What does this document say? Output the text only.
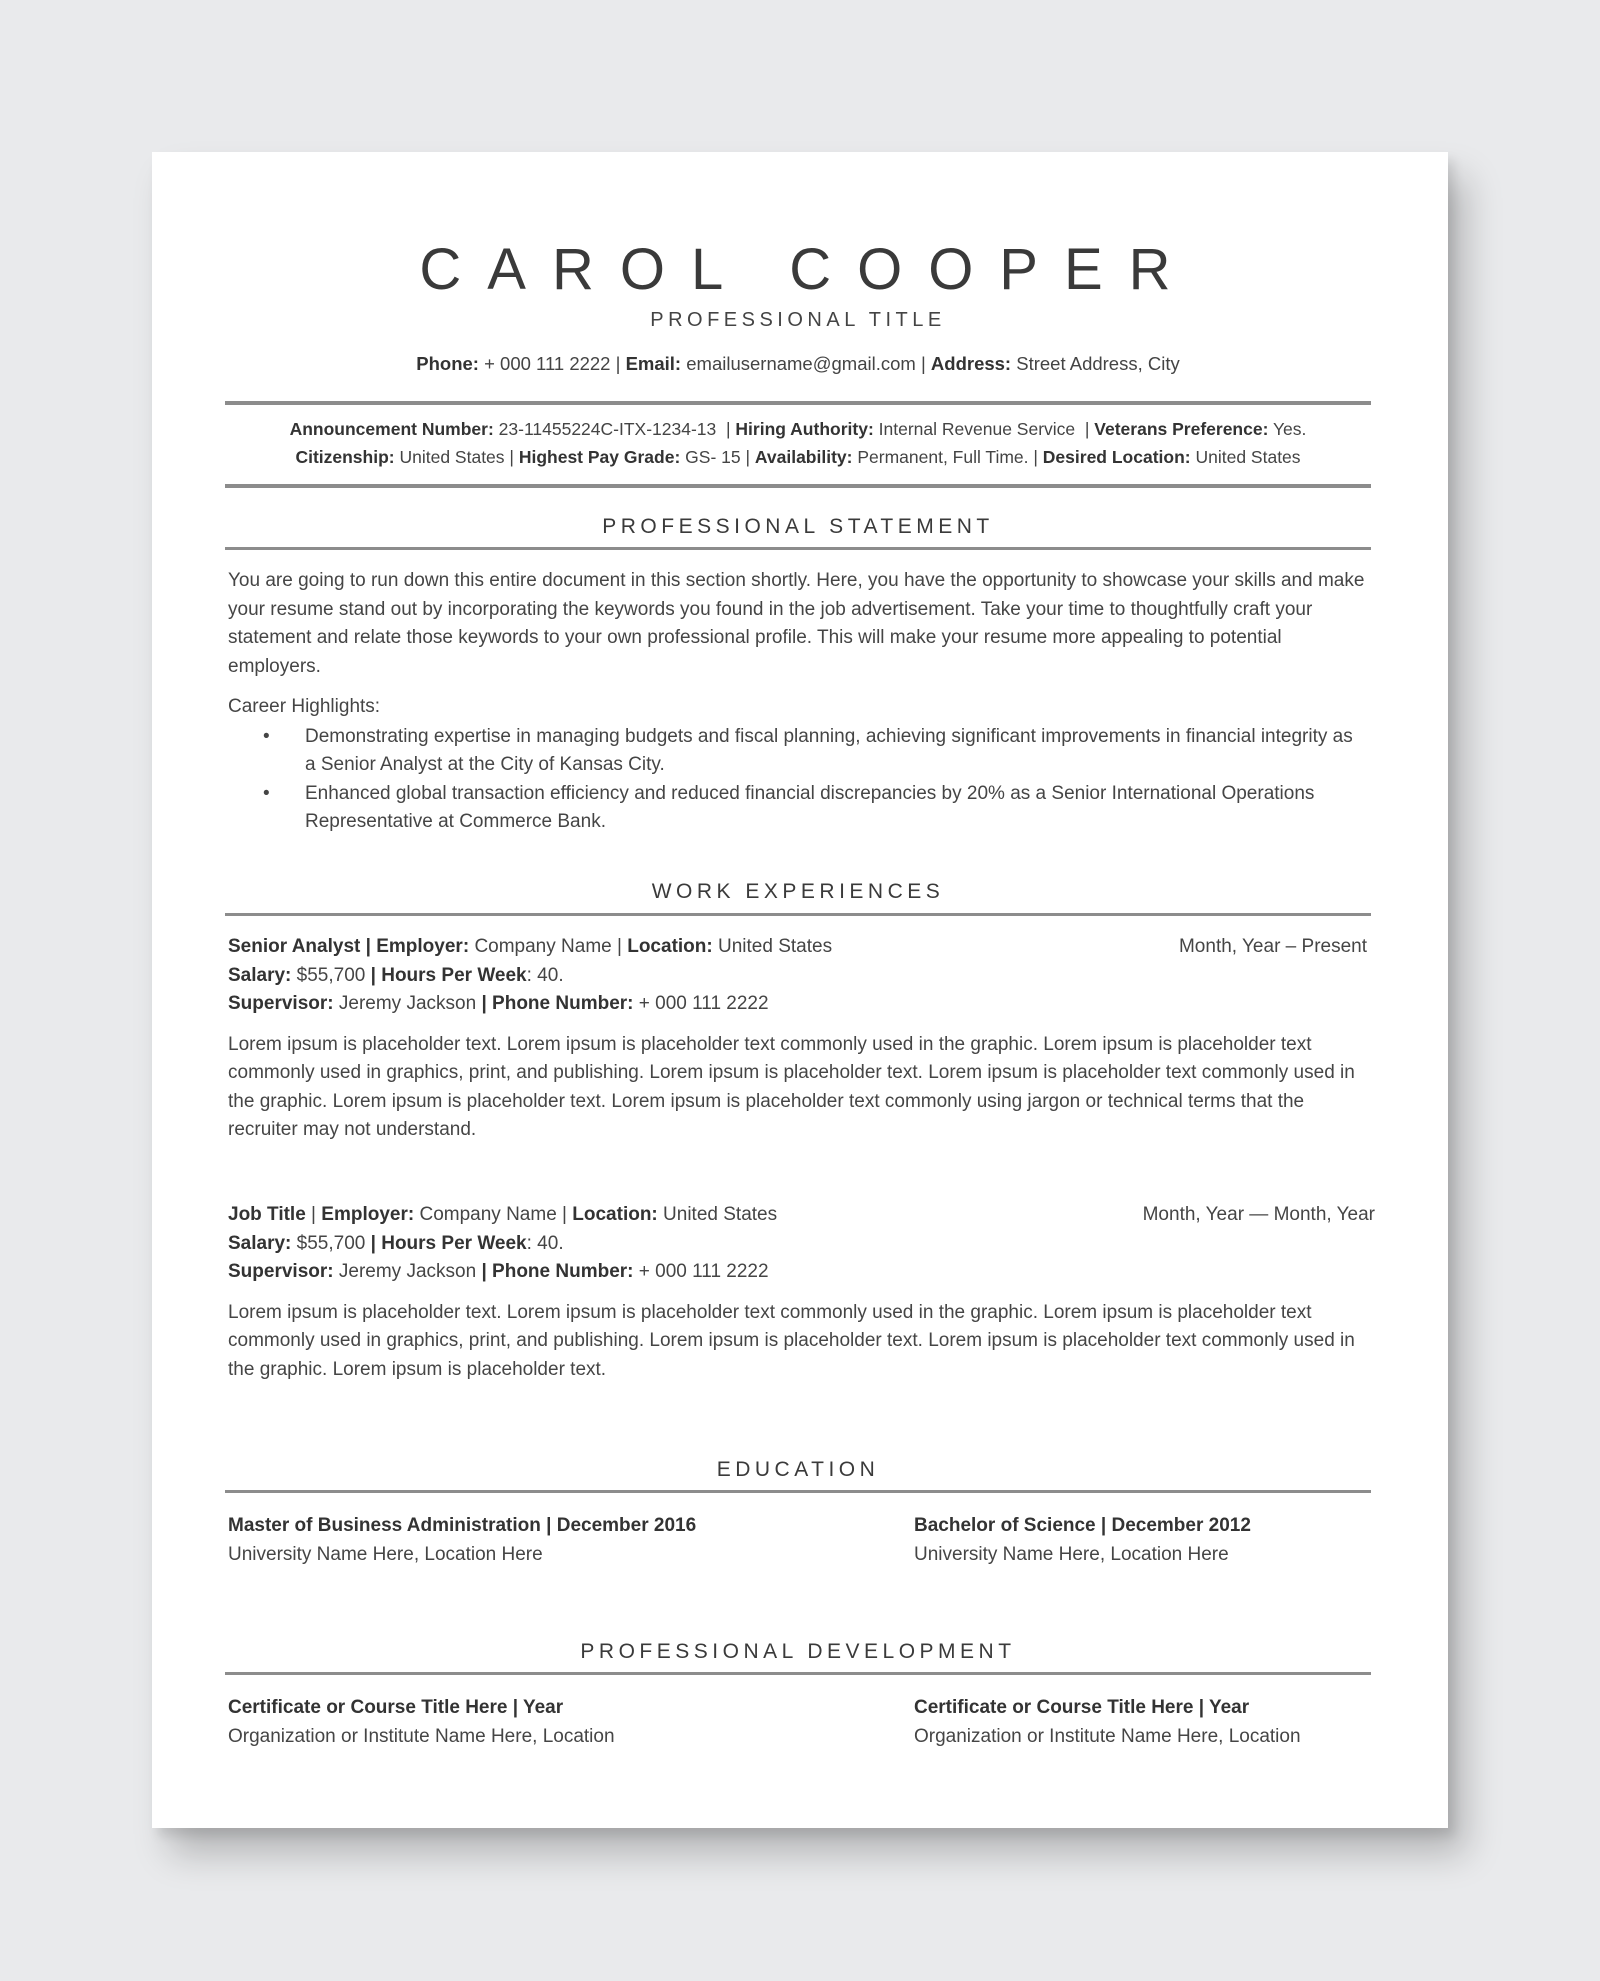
CAROL COOPER
PROFESSIONAL TITLE
Phone: + 000 111 2222 | Email: emailusername@gmail.com | Address: Street Address, City
Announcement Number: 23-11455224C-ITX-1234-13  | Hiring Authority: Internal Revenue Service  | Veterans Preference: Yes.
Citizenship: United States | Highest Pay Grade: GS- 15 | Availability: Permanent, Full Time. | Desired Location: United States
PROFESSIONAL STATEMENT

You are going to run down this entire document in this section shortly. Here, you have the opportunity to showcase your skills and make your resume stand out by incorporating the keywords you found in the job advertisement. Take your time to thoughtfully craft your statement and relate those keywords to your own professional profile. This will make your resume more appealing to potential employers.

Career Highlights:

• Demonstrating expertise in managing budgets and fiscal planning, achieving significant improvements in financial integrity as a Senior Analyst at the City of Kansas City.
• Enhanced global transaction efficiency and reduced financial discrepancies by 20% as a Senior International Operations Representative at Commerce Bank.
WORK EXPERIENCES
Senior Analyst | Employer: Company Name | Location: United States	Month, Year – Present
Salary: $55,700 | Hours Per Week: 40.
Supervisor: Jeremy Jackson | Phone Number: + 000 111 2222
Lorem ipsum is placeholder text. Lorem ipsum is placeholder text commonly used in the graphic. Lorem ipsum is placeholder text commonly used in graphics, print, and publishing. Lorem ipsum is placeholder text. Lorem ipsum is placeholder text commonly used in the graphic. Lorem ipsum is placeholder text. Lorem ipsum is placeholder text commonly using jargon or technical terms that the recruiter may not understand.
Job Title | Employer: Company Name | Location: United States	Month, Year — Month, Year
Salary: $55,700 | Hours Per Week: 40.
Supervisor: Jeremy Jackson | Phone Number: + 000 111 2222
Lorem ipsum is placeholder text. Lorem ipsum is placeholder text commonly used in the graphic. Lorem ipsum is placeholder text commonly used in graphics, print, and publishing. Lorem ipsum is placeholder text. Lorem ipsum is placeholder text commonly used in the graphic. Lorem ipsum is placeholder text.
EDUCATION
Master of Business Administration | December 2016
University Name Here, Location Here
Bachelor of Science | December 2012
University Name Here, Location Here
PROFESSIONAL DEVELOPMENT
Certificate or Course Title Here | Year
Organization or Institute Name Here, Location
Certificate or Course Title Here | Year
Organization or Institute Name Here, Location
